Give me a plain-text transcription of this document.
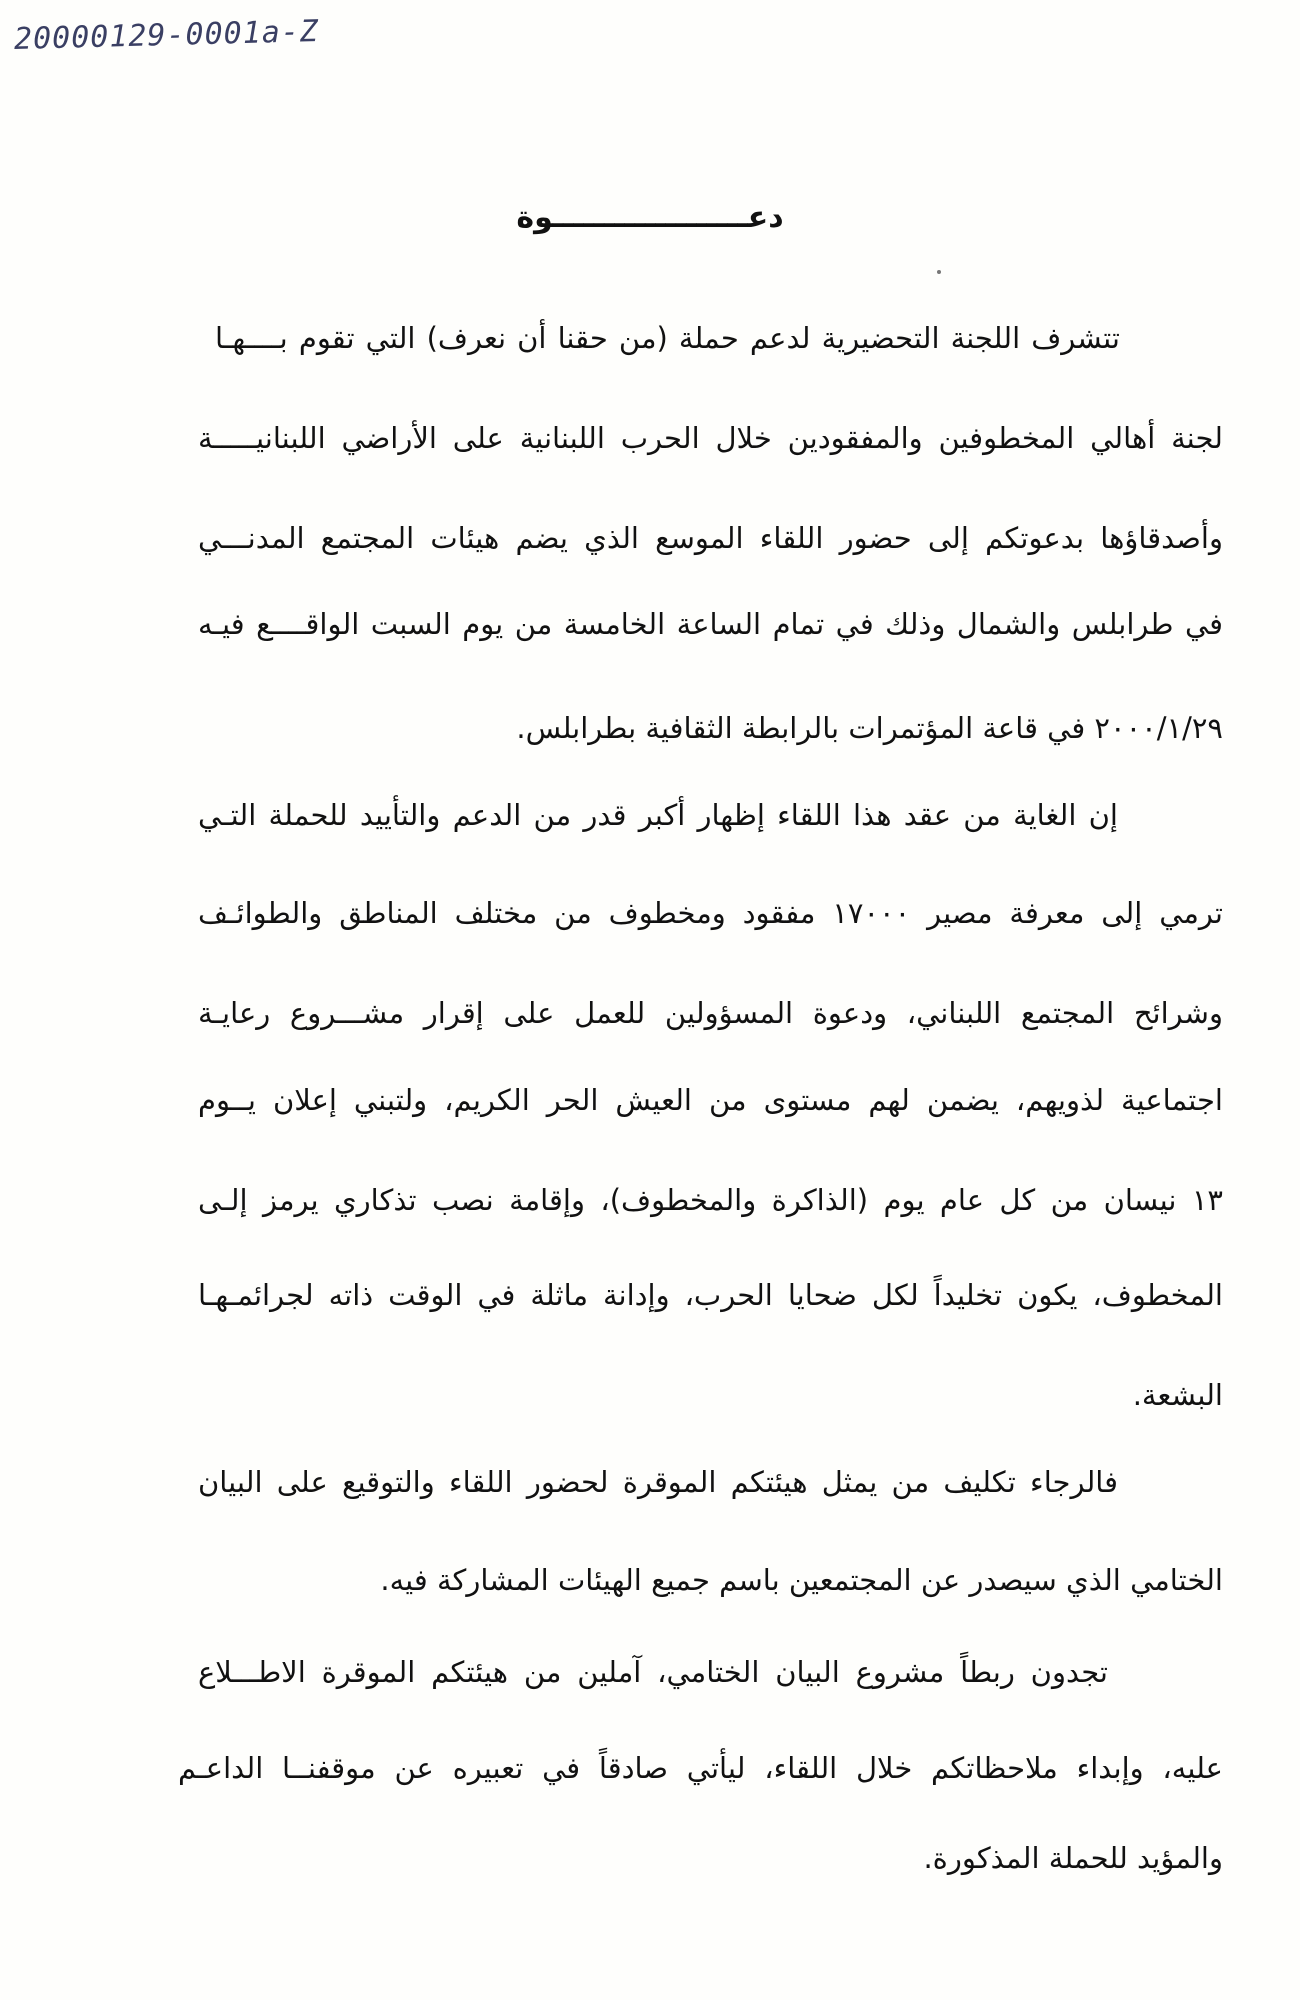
20000129-0001a-Z
دعـــــــــــــــــــوة
تتشرف اللجنة التحضيرية لدعم حملة (من حقنا أن نعرف) التي تقوم بــــهـا
لجنة أهالي المخطوفين والمفقودين خلال الحرب اللبنانية على الأراضي اللبنانيـــــة
وأصدقاؤها بدعوتكم إلى حضور اللقاء الموسع الذي يضم هيئات المجتمع المدنـــي
في طرابلس والشمال وذلك في تمام الساعة الخامسة من يوم السبت الواقــــع فيـه
٢٠٠٠/١/٢٩ في قاعة المؤتمرات بالرابطة الثقافية بطرابلس.
إن الغاية من عقد هذا اللقاء إظهار أكبر قدر من الدعم والتأييد للحملة التـي
ترمي إلى معرفة مصير ١٧٠٠٠ مفقود ومخطوف من مختلف المناطق والطوائـف
وشرائح المجتمع اللبناني، ودعوة المسؤولين للعمل على إقرار مشـــروع رعايـة
اجتماعية لذويهم، يضمن لهم مستوى من العيش الحر الكريم، ولتبني إعلان يــوم
١٣ نيسان من كل عام يوم (الذاكرة والمخطوف)، وإقامة نصب تذكاري يرمز إلـى
المخطوف، يكون تخليداً لكل ضحايا الحرب، وإدانة ماثلة في الوقت ذاته لجرائمـهـا
البشعة.
فالرجاء تكليف من يمثل هيئتكم الموقرة لحضور اللقاء والتوقيع على البيان
الختامي الذي سيصدر عن المجتمعين باسم جميع الهيئات المشاركة فيه.
تجدون ربطاً مشروع البيان الختامي، آملين من هيئتكم الموقرة الاطـــلاع
عليه، وإبداء ملاحظاتكم خلال اللقاء، ليأتي صادقاً في تعبيره عن موقفنــا الداعـم
والمؤيد للحملة المذكورة.
